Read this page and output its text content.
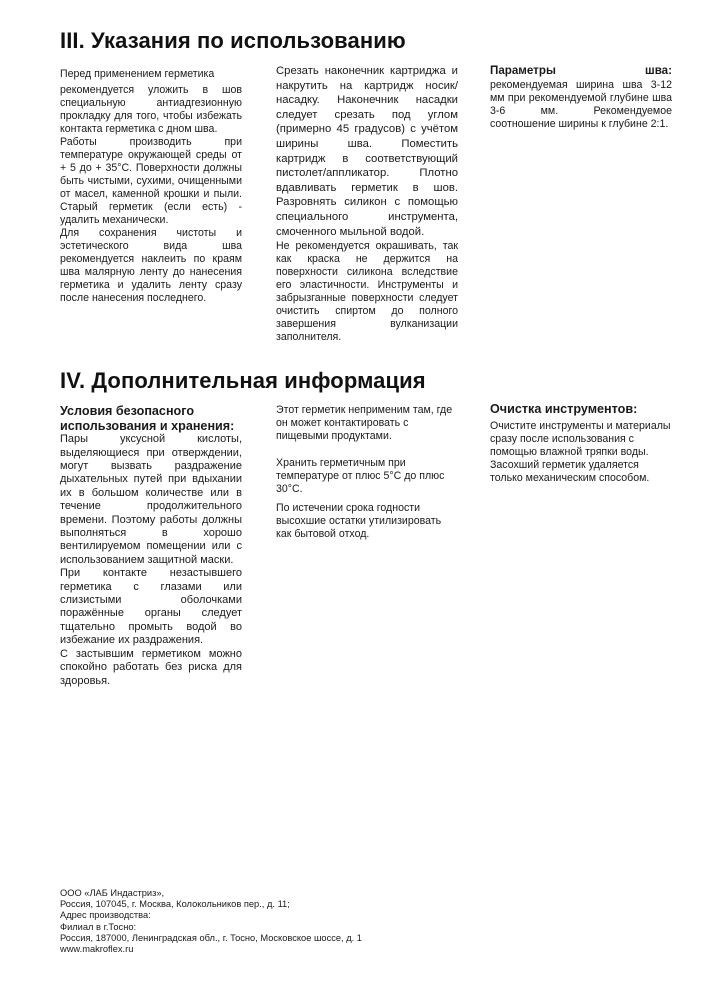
III. Указания по использованию

Перед применением герметика

рекомендуется уложить в шов специальную антиадгезионную прокладку для того, чтобы избежать контакта герметика с дном шва.

Работы производить при температуре окружающей среды от + 5 до + 35°C. Поверхности должны быть чистыми, сухими, очищенными от масел, каменной крошки и пыли. Старый герметик (если есть) - удалить механически.

Для сохранения чистоты и эстетического вида шва рекомендуется наклеить по краям шва малярную ленту до нанесения герметика и удалить ленту сразу после нанесения последнего.

Срезать наконечник картриджа и накрутить на картридж носик/насадку. Наконечник насадки следует срезать под углом (примерно 45 градусов) с учётом ширины шва. Поместить картридж в соответствующий пистолет/аппликатор. Плотно вдавливать герметик в шов. Разровнять силикон с помощью специального инструмента, смоченного мыльной водой.

Не рекомендуется окрашивать, так как краска не держится на поверхности силикона вследствие его эластичности. Инструменты и забрызганные поверхности следует очистить спиртом до полного завершения вулканизации заполнителя.

Параметры шва:

рекомендуемая ширина шва 3-12 мм при рекомендуемой глубине шва 3-6 мм. Рекомендуемое соотношение ширины к глубине 2:1.

IV. Дополнительная информация

Условия безопасного использования и хранения:

Пары уксусной кислоты, выделяющиеся при отверждении, могут вызвать раздражение дыхательных путей при вдыхании их в большом количестве или в течение продолжительного времени. Поэтому работы должны выполняться в хорошо вентилируемом помещении или с использованием защитной маски.

При контакте незастывшего герметика с глазами или слизистыми оболочками поражённые органы следует тщательно промыть водой во избежание их раздражения.

С застывшим герметиком можно спокойно работать без риска для здоровья.

Этот герметик неприменим там, где он может контактировать с пищевыми продуктами.

Хранить герметичным при температуре от плюс 5°C до плюс 30°C.

По истечении срока годности высохшие остатки утилизировать как бытовой отход.

Очистка инструментов:

Очистите инструменты и материалы сразу после использования с помощью влажной тряпки воды. Засохший герметик удаляется только механическим способом.

ООО «ЛАБ Индастриз»,
Россия, 107045, г. Москва, Колокольников пер., д. 11;
Адрес производства:
Филиал в г.Тосно:
Россия, 187000, Ленинградская обл., г. Тосно, Московское шоссе, д. 1
www.makroflex.ru
